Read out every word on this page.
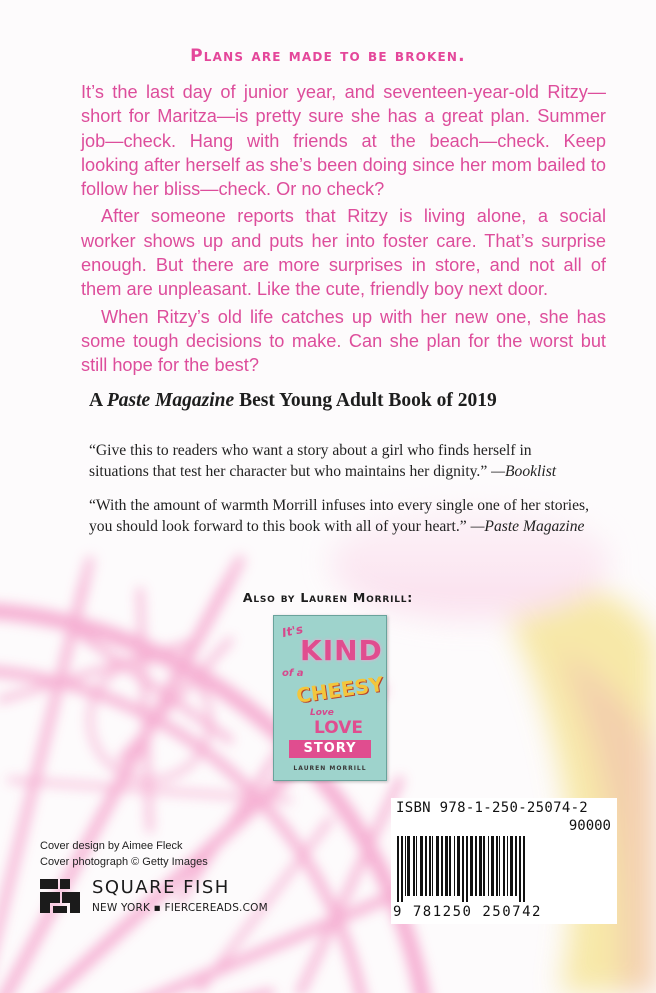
Plans are made to be broken.

It’s the last day of junior year, and seventeen-year-old Ritzy—short for Maritza—is pretty sure she has a great plan. Summer job—check. Hang with friends at the beach—check. Keep looking after herself as she’s been doing since her mom bailed to follow her bliss—check. Or no check?

After someone reports that Ritzy is living alone, a social worker shows up and puts her into foster care. That’s surprise enough. But there are more surprises in store, and not all of them are unpleasant. Like the cute, friendly boy next door.

When Ritzy’s old life catches up with her new one, she has some tough decisions to make. Can she plan for the worst but still hope for the best?

A Paste Magazine Best Young Adult Book of 2019

“Give this to readers who want a story about a girl who finds herself in situations that test her character but who maintains her dignity.” —Booklist

“With the amount of warmth Morrill infuses into every single one of her stories, you should look forward to this book with all of your heart.” —Paste Magazine

Also by Lauren Morrill:
It's
KIND
of a
CHEESY
Love
LOVE
STORY
LAUREN MORRILL
ISBN 978-1-250-25074-2
90000
9 781250 250742
Cover design by Aimee Fleck
Cover photograph © Getty Images
SQUARE FISH
NEW YORK ▪ FIERCEREADS.COM
